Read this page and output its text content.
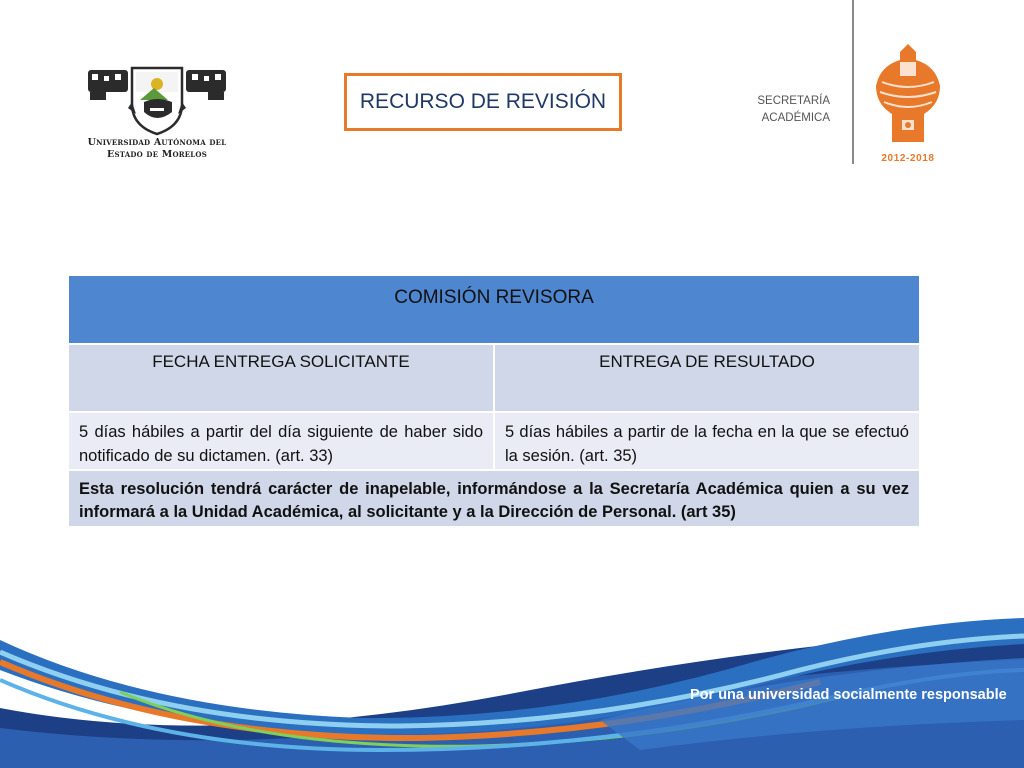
Universidad Autónoma del
Estado de Morelos
RECURSO DE REVISIÓN	SECRETARÍA
ACADÉMICA
2012-2018
COMISIÓN REVISORA	

FECHA ENTREGA SOLICITANTE	ENTREGA DE RESULTADO

5 días hábiles a partir del día siguiente de haber sido notificado de su dictamen. (art. 33)	5 días hábiles a partir de la fecha en la que se efectuó la sesión. (art. 35)

Esta resolución tendrá carácter de inapelable, informándose a la Secretaría Académica quien a su vez informará a la Unidad Académica, al solicitante y a la Dirección de Personal. (art 35)	
Por una universidad socialmente responsable
